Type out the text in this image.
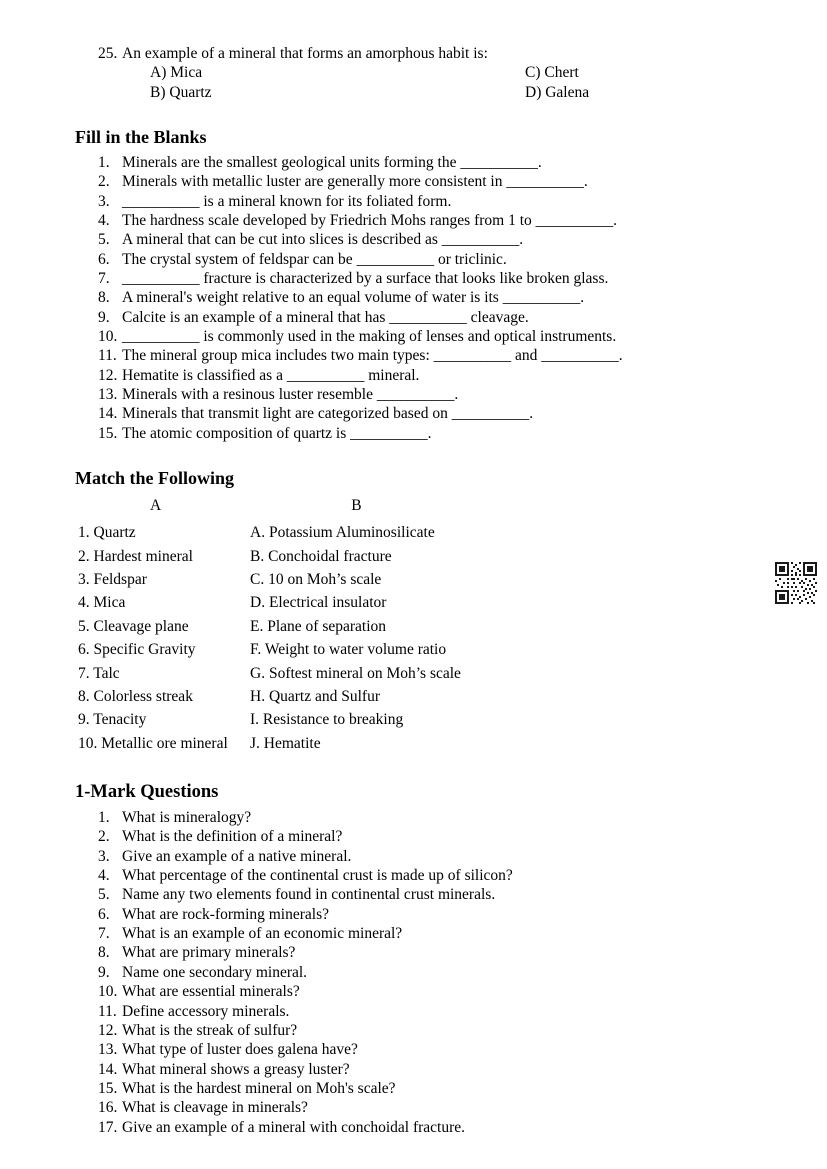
25. An example of a mineral that forms an amorphous habit is:
A) Mica	C) Chert
B) Quartz	D) Galena
Fill in the Blanks
1. Minerals are the smallest geological units forming the __________.
2. Minerals with metallic luster are generally more consistent in __________.
3. __________ is a mineral known for its foliated form.
4. The hardness scale developed by Friedrich Mohs ranges from 1 to __________.
5. A mineral that can be cut into slices is described as __________.
6. The crystal system of feldspar can be __________ or triclinic.
7. __________ fracture is characterized by a surface that looks like broken glass.
8. A mineral's weight relative to an equal volume of water is its __________.
9. Calcite is an example of a mineral that has __________ cleavage.
10. __________ is commonly used in the making of lenses and optical instruments.
11. The mineral group mica includes two main types: __________ and __________.
12. Hematite is classified as a __________ mineral.
13. Minerals with a resinous luster resemble __________.
14. Minerals that transmit light are categorized based on __________.
15. The atomic composition of quartz is __________.
Match the Following
A	B
1. Quartz	A. Potassium Aluminosilicate
2. Hardest mineral	B. Conchoidal fracture
3. Feldspar	C. 10 on Moh’s scale
4. Mica	D. Electrical insulator
5. Cleavage plane	E. Plane of separation
6. Specific Gravity	F. Weight to water volume ratio
7. Talc	G. Softest mineral on Moh’s scale
8. Colorless streak	H. Quartz and Sulfur
9. Tenacity	I. Resistance to breaking
10. Metallic ore mineral	J. Hematite
1-Mark Questions
1. What is mineralogy?
2. What is the definition of a mineral?
3. Give an example of a native mineral.
4. What percentage of the continental crust is made up of silicon?
5. Name any two elements found in continental crust minerals.
6. What are rock-forming minerals?
7. What is an example of an economic mineral?
8. What are primary minerals?
9. Name one secondary mineral.
10. What are essential minerals?
11. Define accessory minerals.
12. What is the streak of sulfur?
13. What type of luster does galena have?
14. What mineral shows a greasy luster?
15. What is the hardest mineral on Moh's scale?
16. What is cleavage in minerals?
17. Give an example of a mineral with conchoidal fracture.
